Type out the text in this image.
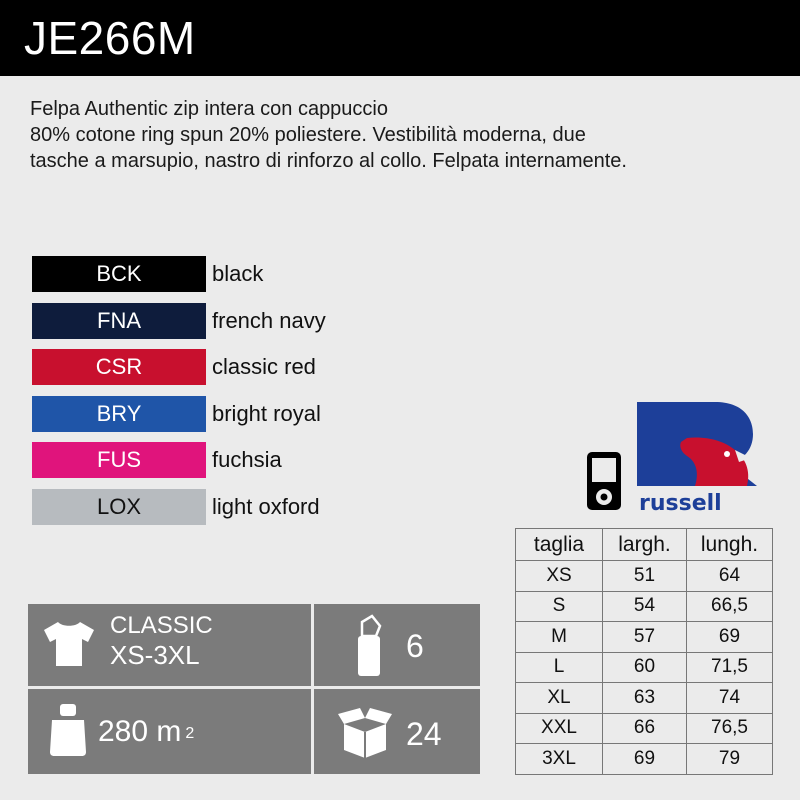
JE266M
Felpa Authentic zip intera con cappuccio
80% cotone ring spun 20% poliestere. Vestibilità moderna, due
tasche a marsupio, nastro di rinforzo al collo. Felpata internamente.
BCK	black
FNA	french navy
CSR	classic red
BRY	bright royal
FUS	fuchsia
LOX	light oxford	russell
taglia	largh.	lungh.
XS	51	64
S	54	66,5
M	57	69
L	60	71,5
XL	63	74
XXL	66	76,5
3XL	69	79
CLASSIC
XS-3XL	6
280 m $^2$	24
